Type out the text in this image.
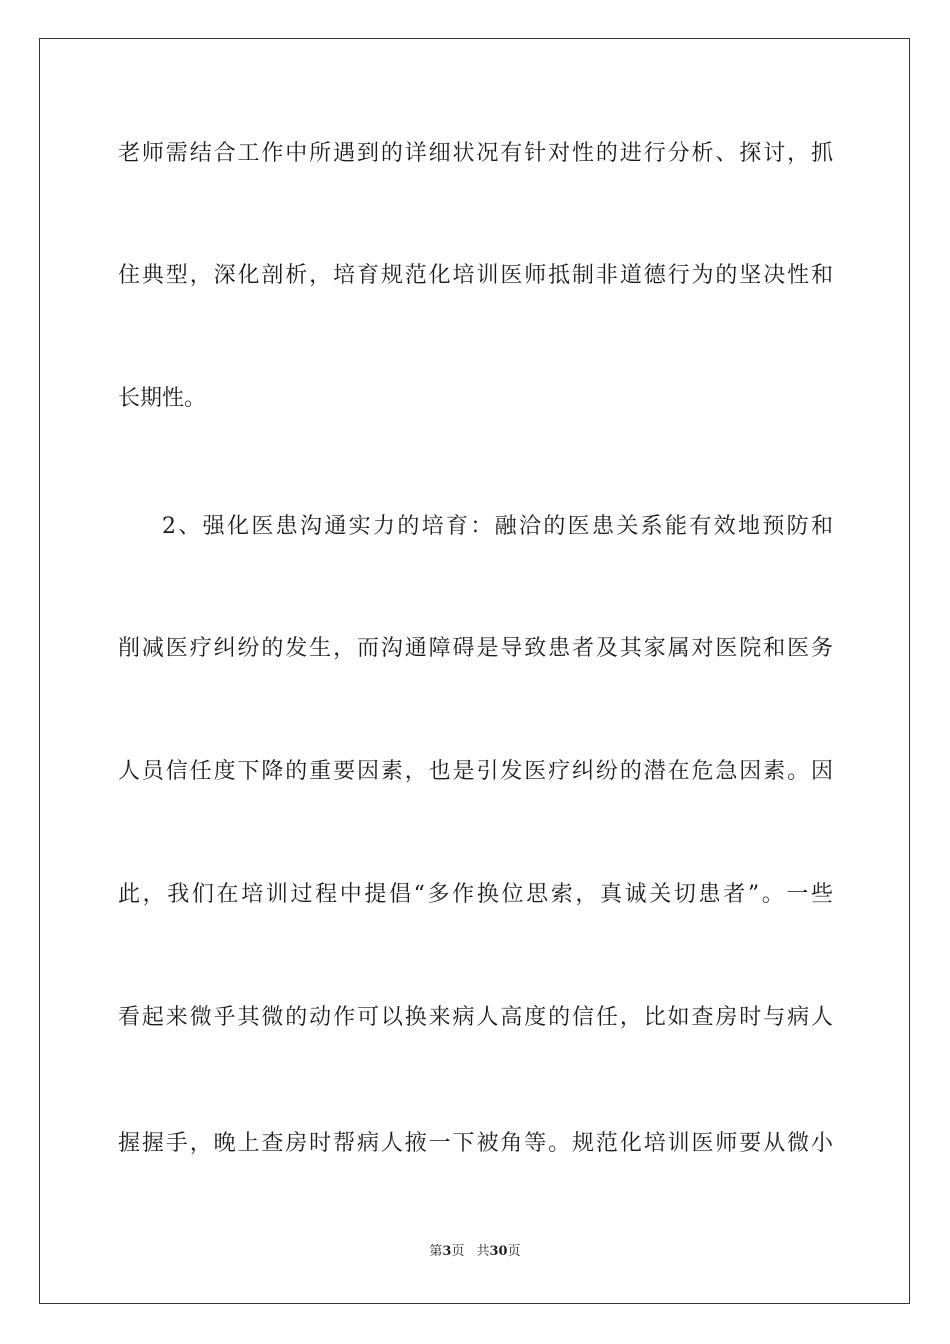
老师需结合工作中所遇到的详细状况有针对性的进行分析、探讨，抓
住典型，深化剖析，培育规范化培训医师抵制非道德行为的坚决性和
长期性。
2、强化医患沟通实力的培育：融洽的医患关系能有效地预防和
削减医疗纠纷的发生，而沟通障碍是导致患者及其家属对医院和医务
人员信任度下降的重要因素，也是引发医疗纠纷的潜在危急因素。因
此，我们在培训过程中提倡“多作换位思索，真诚关切患者”。一些
看起来微乎其微的动作可以换来病人高度的信任，比如查房时与病人
握握手，晚上查房时帮病人掖一下被角等。规范化培训医师要从微小
第3页 共30页
